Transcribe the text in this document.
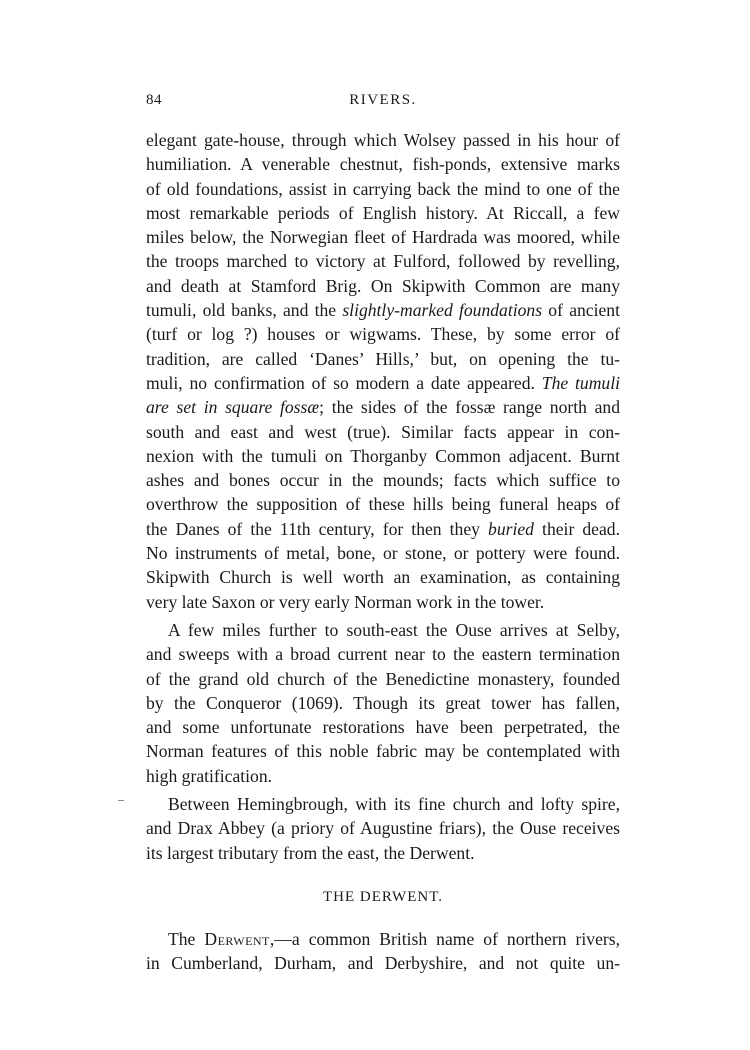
84	RIVERS.
elegant gate-house, through which Wolsey passed in his hour of
humiliation. A venerable chestnut, fish-ponds, extensive marks
of old foundations, assist in carrying back the mind to one of the
most remarkable periods of English history. At Riccall, a few
miles below, the Norwegian fleet of Hardrada was moored, while
the troops marched to victory at Fulford, followed by revelling,
and death at Stamford Brig. On Skipwith Common are many
tumuli, old banks, and the slightly-marked foundations of ancient
(turf or log ?) houses or wigwams. These, by some error of
tradition, are called ‘Danes’ Hills,’ but, on opening the tu-
muli, no confirmation of so modern a date appeared. The tumuli
are set in square fossæ; the sides of the fossæ range north and
south and east and west (true). Similar facts appear in con-
nexion with the tumuli on Thorganby Common adjacent. Burnt
ashes and bones occur in the mounds; facts which suffice to
overthrow the supposition of these hills being funeral heaps of
the Danes of the 11th century, for then they buried their dead.
No instruments of metal, bone, or stone, or pottery were found.
Skipwith Church is well worth an examination, as containing
very late Saxon or very early Norman work in the tower.
A few miles further to south-east the Ouse arrives at Selby,
and sweeps with a broad current near to the eastern termination
of the grand old church of the Benedictine monastery, founded
by the Conqueror (1069). Though its great tower has fallen,
and some unfortunate restorations have been perpetrated, the
Norman features of this noble fabric may be contemplated with
high gratification.
Between Hemingbrough, with its fine church and lofty spire,
and Drax Abbey (a priory of Augustine friars), the Ouse receives
its largest tributary from the east, the Derwent.
THE DERWENT.
The Derwent,—a common British name of northern rivers,
in Cumberland, Durham, and Derbyshire, and not quite un-
